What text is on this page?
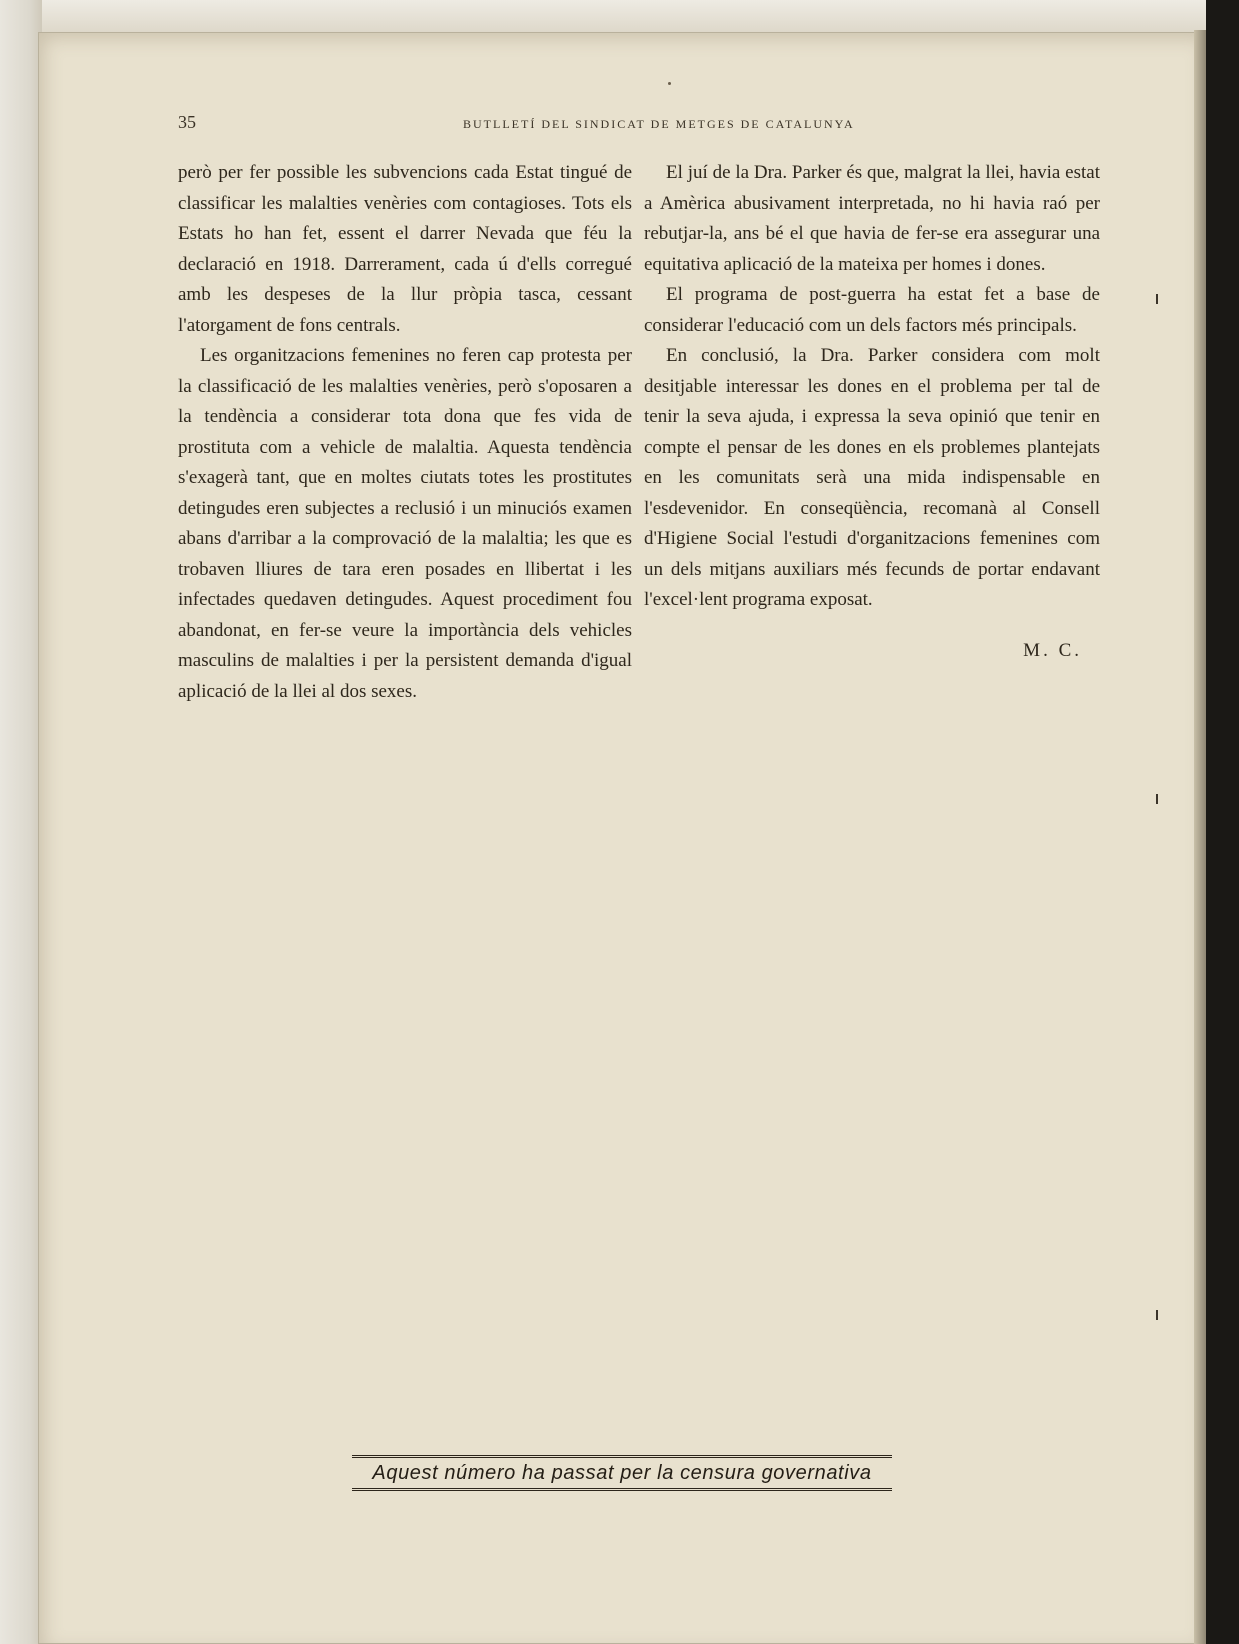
35	BUTLLETÍ DEL SINDICAT DE METGES DE CATALUNYA

però per fer possible les subvencions cada Estat tingué de classificar les malalties venèries com contagioses. Tots els Estats ho han fet, essent el darrer Nevada que féu la declaració en 1918. Darrerament, cada ú d'ells corregué amb les despeses de la llur pròpia tasca, cessant l'atorgament de fons centrals.

Les organitzacions femenines no feren cap protesta per la classificació de les malalties venèries, però s'oposaren a la tendència a considerar tota dona que fes vida de prostituta com a vehicle de malaltia. Aquesta tendència s'exagerà tant, que en moltes ciutats totes les prostitutes detingudes eren subjectes a reclusió i un minuciós examen abans d'arribar a la comprovació de la malaltia; les que es trobaven lliures de tara eren posades en llibertat i les infectades quedaven detingudes. Aquest procediment fou abandonat, en fer-se veure la importància dels vehicles masculins de malalties i per la persistent demanda d'igual aplicació de la llei al dos sexes.

El juí de la Dra. Parker és que, malgrat la llei, havia estat a Amèrica abusivament interpretada, no hi havia raó per rebutjar-la, ans bé el que havia de fer-se era assegurar una equitativa aplicació de la mateixa per homes i dones.

El programa de post-guerra ha estat fet a base de considerar l'educació com un dels factors més principals.

En conclusió, la Dra. Parker considera com molt desitjable interessar les dones en el problema per tal de tenir la seva ajuda, i expressa la seva opinió que tenir en compte el pensar de les dones en els problemes plantejats en les comunitats serà una mida indispensable en l'esdevenidor. En conseqüència, recomanà al Consell d'Higiene Social l'estudi d'organitzacions femenines com un dels mitjans auxiliars més fecunds de portar endavant l'excel·lent programa exposat.

M. C.
Aquest número ha passat per la censura governativa
